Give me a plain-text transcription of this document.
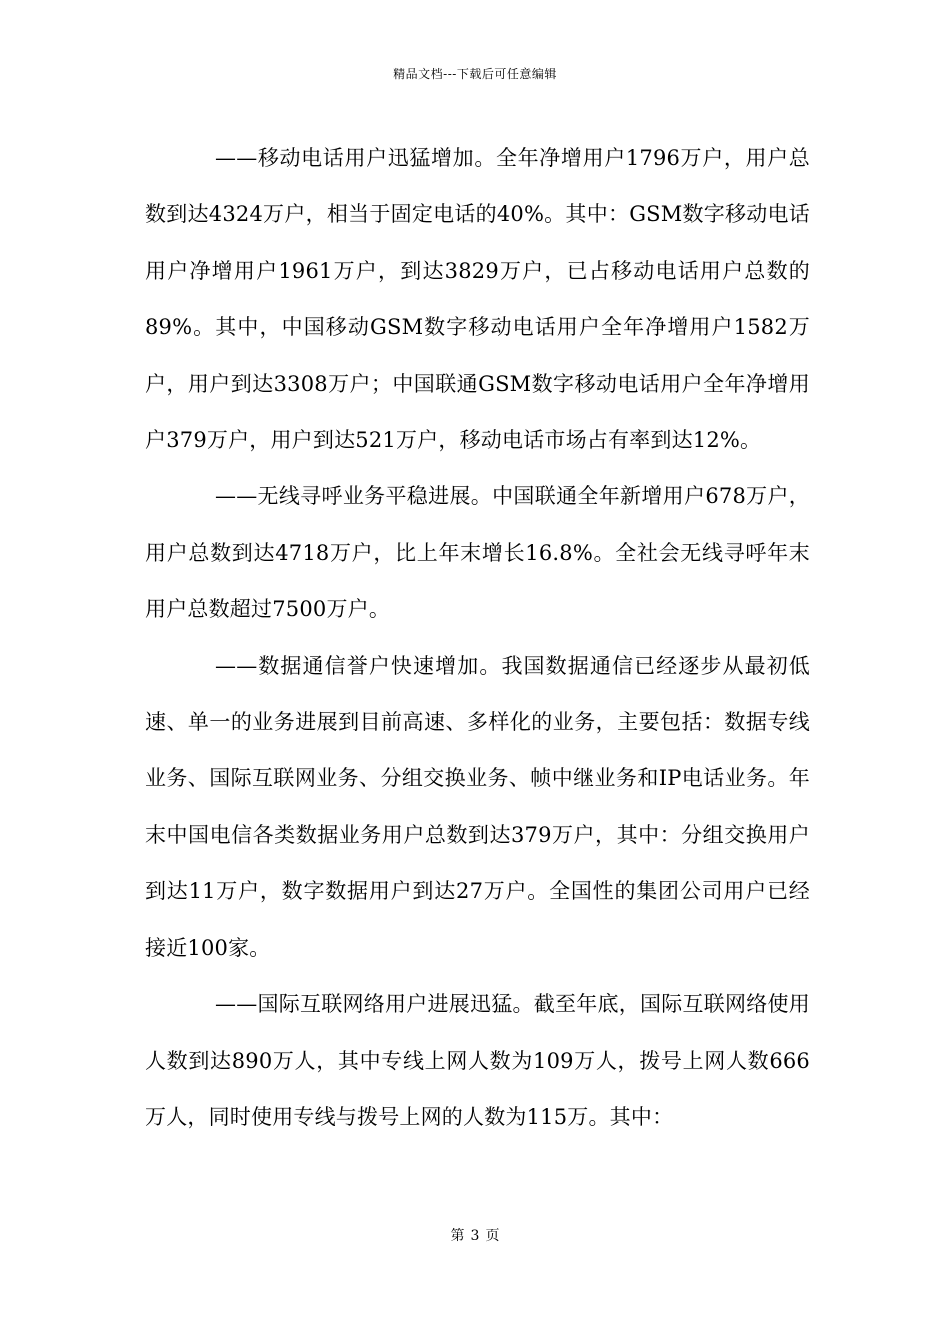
精品文档---下载后可任意编辑

——移动电话用户迅猛增加。全年净增用户1796万户，用户总数到达4324万户，相当于固定电话的40%。其中：GSM数字移动电话用户净增用户1961万户，到达3829万户，已占移动电话用户总数的89%。其中，中国移动GSM数字移动电话用户全年净增用户1582万户，用户到达3308万户；中国联通GSM数字移动电话用户全年净增用户379万户，用户到达521万户，移动电话市场占有率到达12%。

——无线寻呼业务平稳进展。中国联通全年新增用户678万户，用户总数到达4718万户，比上年末增长16.8%。全社会无线寻呼年末用户总数超过7500万户。

——数据通信誉户快速增加。我国数据通信已经逐步从最初低速、单一的业务进展到目前高速、多样化的业务，主要包括：数据专线业务、国际互联网业务、分组交换业务、帧中继业务和IP电话业务。年末中国电信各类数据业务用户总数到达379万户，其中：分组交换用户到达11万户，数字数据用户到达27万户。全国性的集团公司用户已经接近100家。

——国际互联网络用户进展迅猛。截至年底，国际互联网络使用人数到达890万人，其中专线上网人数为109万人，拨号上网人数666万人，同时使用专线与拨号上网的人数为115万。其中：

第 3 页
